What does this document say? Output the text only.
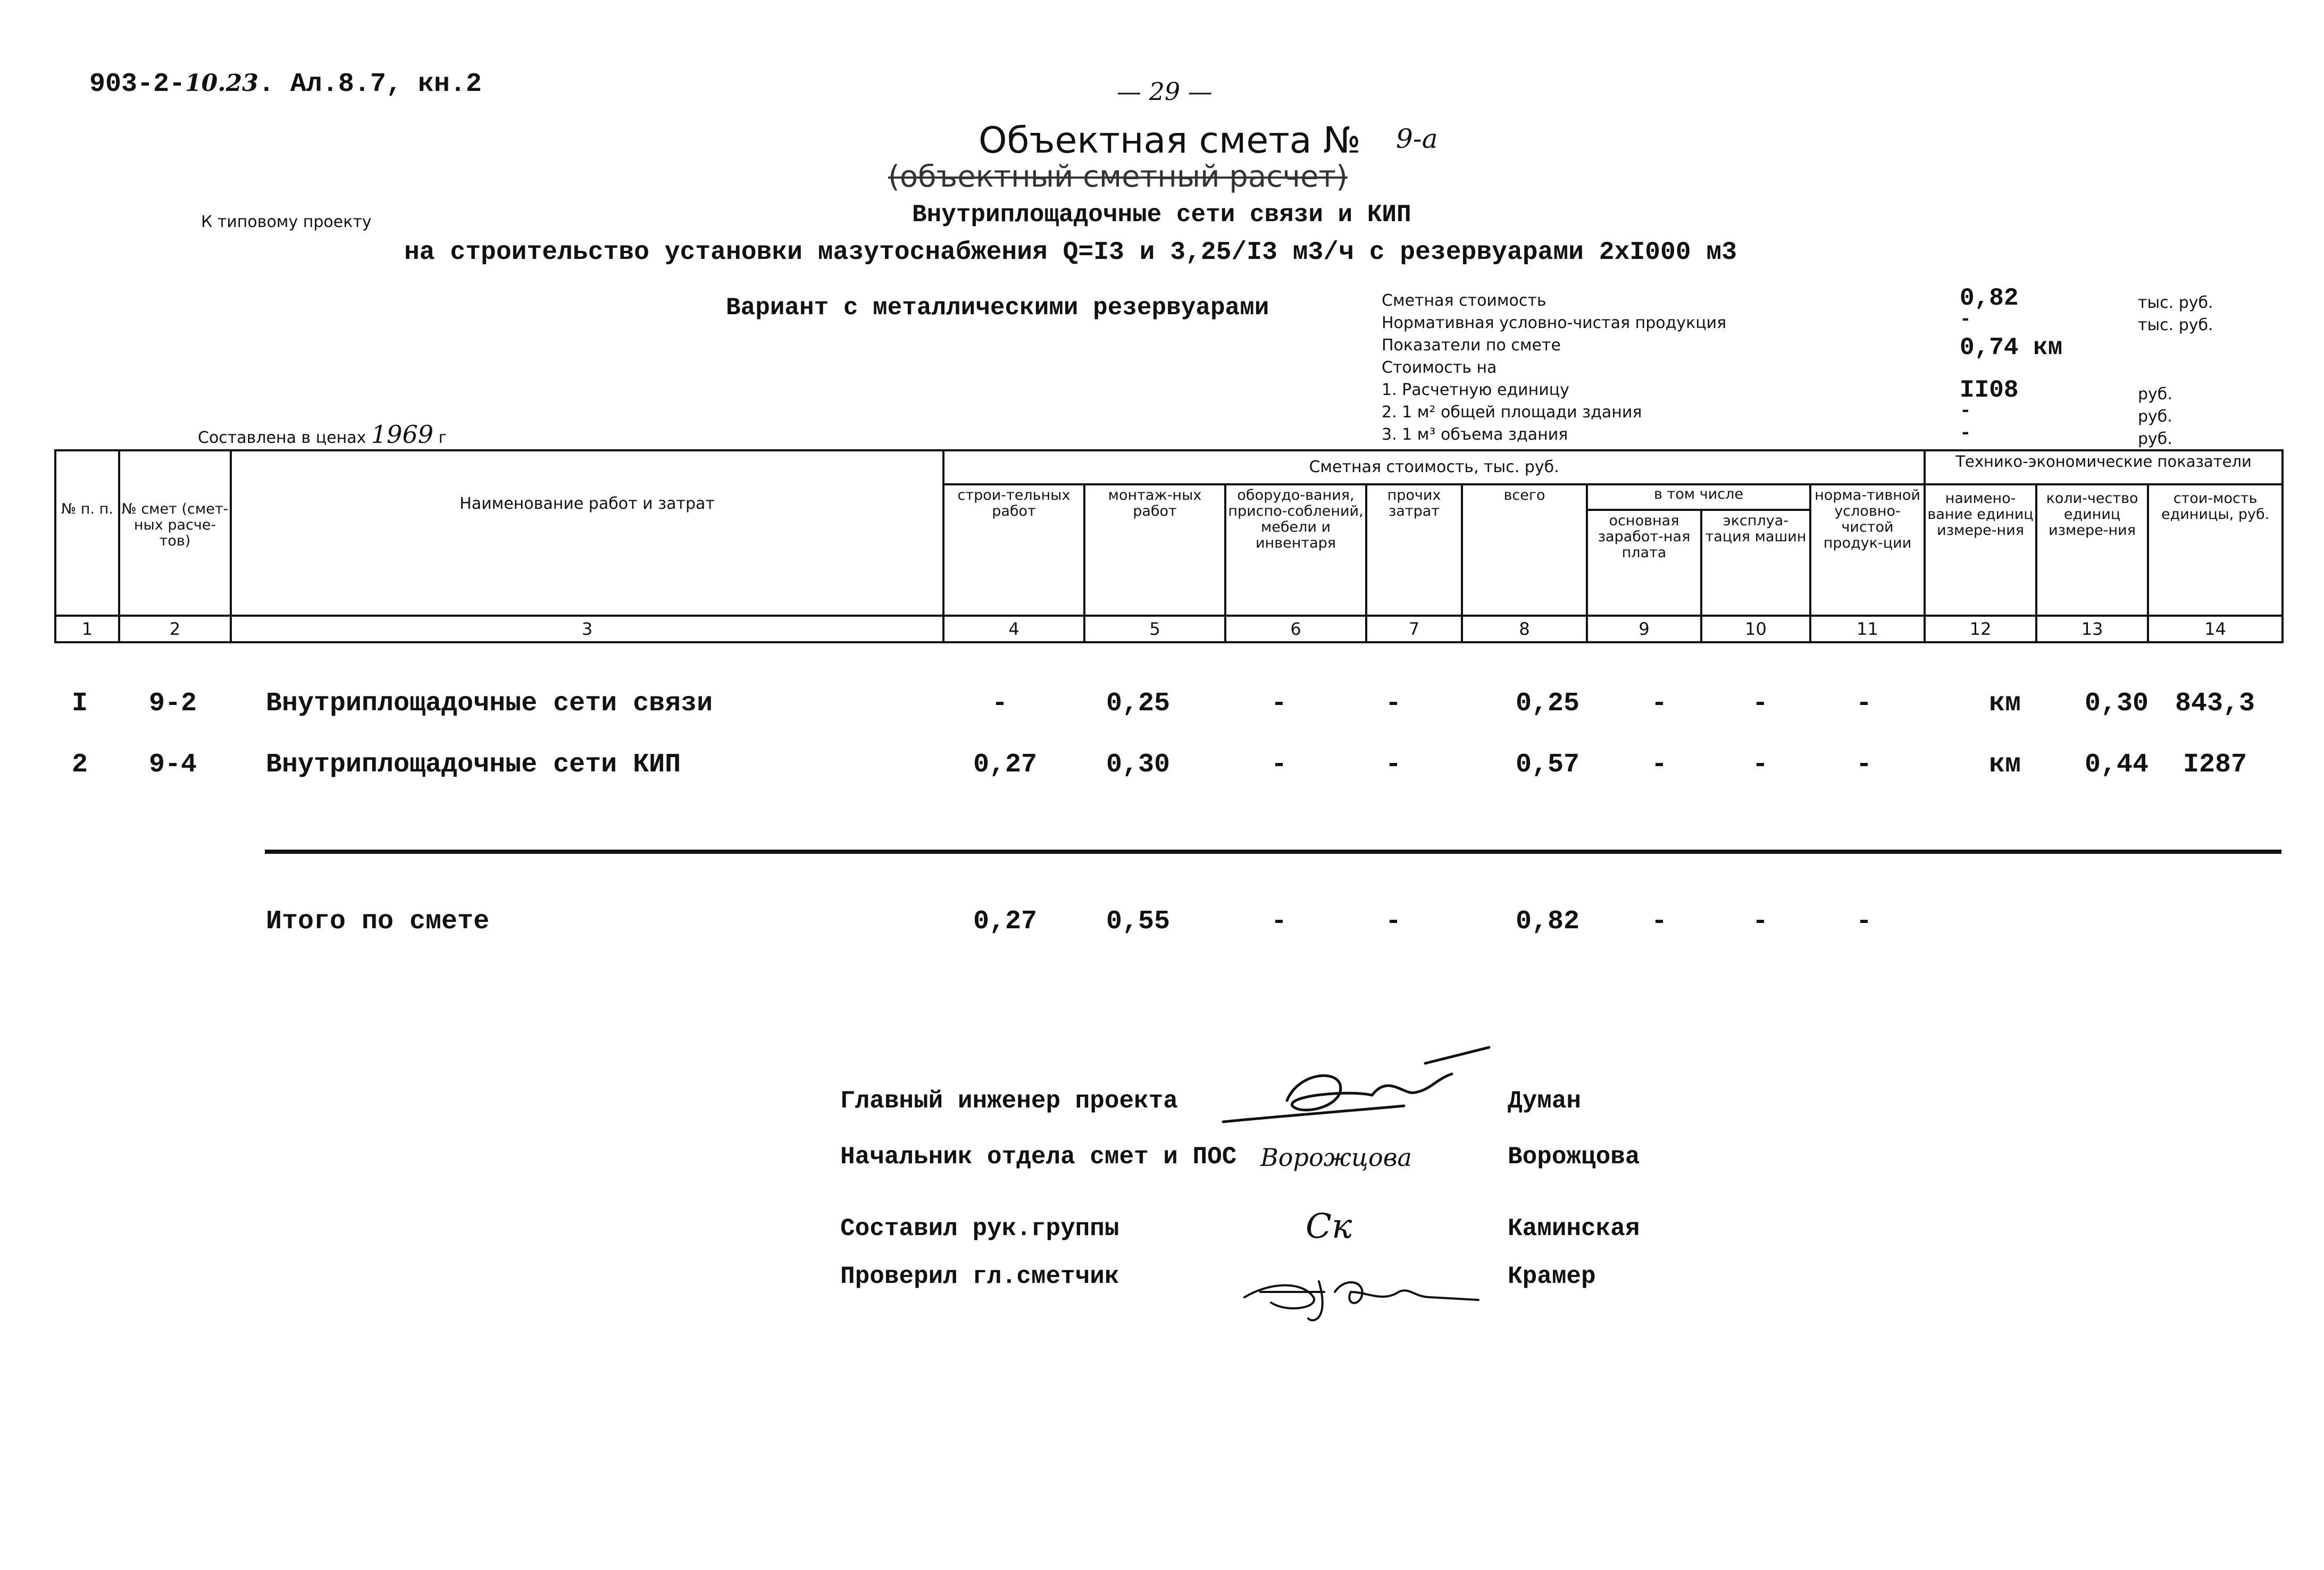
903-2-10.23. Ал.8.7, кн.2	— 29 —
Объектная смета № 9-а
(объектный сметный расчет)
К типовому проекту	Внутриплощадочные сети связи и КИП
на строительство установки мазутоснабжения Q=I3 и 3,25/I3 м3/ч с резервуарами 2хI000 м3
Вариант с металлическими резервуарами
Составлена в ценах 1969 г
Сметная стоимость	0,82	тыс. руб.
Нормативная условно-чистая продукция	-	тыс. руб.
Показатели по смете	0,74 км
Стоимость на
1. Расчетную единицу	II08	руб.
2. 1 м² общей площади здания	-	руб.
3. 1 м³ объема здания	-	руб.
№ п. п.	№ смет (смет-ных расче-тов)	Наименование работ и затрат	Сметная стоимость, тыс. руб.								Технико-экономические показатели		
			строи-тельных работ	монтаж-ных работ	оборудо-вания, приспо-соблений, мебели и инвентаря	прочих затрат	всего	в том числе		норма-тивной условно-чистой продук-ции	наимено-вание единиц измере-ния	коли-чество единиц измере-ния	стои-мость единицы, руб.
								основная заработ-ная плата	эксплуа-тация машин				
1	2	3	4	5	6	7	8	9	10	11	12	13	14
I 9-2	Внутриплощадочные сети связи	-	0,25	-	-	0,25	-	-	-	км 0,30 843,3
2 9-4	Внутриплощадочные сети КИП	0,27	0,30	-	-	0,57	-	-	-	км 0,44 I287
Итого по смете	0,27	0,55	-	-	0,82	-	-	-
Главный инженер проекта	Думан
Начальник отдела смет и ПОС Ворожцова	Ворожцова
Составил рук.группы	Ск	Каминская
Проверил гл.сметчик	Крамер
